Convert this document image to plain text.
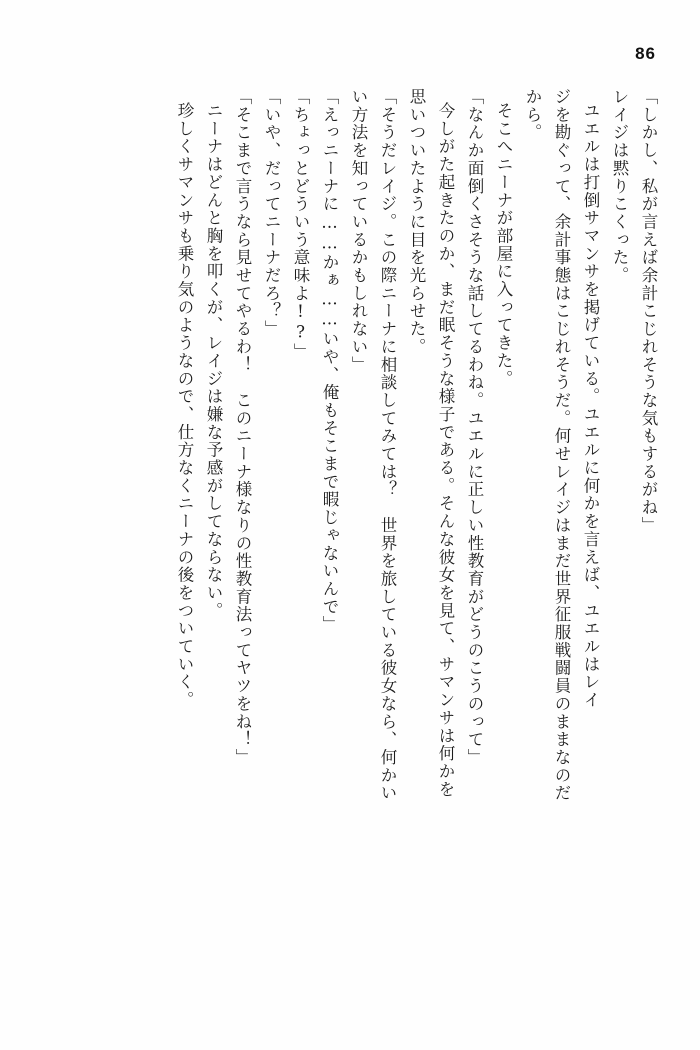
86
「しかし、私が言えば余計こじれそうな気もするがね」
レイジは黙りこくった。
ユエルは打倒サマンサを掲げている。ユエルに何かを言えば、ユエルはレイ
ジを勘ぐって、余計事態はこじれそうだ。何せレイジはまだ世界征服戦闘員のままなのだ
から。
そこへニーナが部屋に入ってきた。
「なんか面倒くさそうな話してるわね。ユエルに正しい性教育がどうのこうのって」
今しがた起きたのか、まだ眠そうな様子である。そんな彼女を見て、サマンサは何かを
思いついたように目を光らせた。
「そうだレイジ。この際ニーナに相談してみては？　世界を旅している彼女なら、何かい
い方法を知っているかもしれない」
「えっニーナに……かぁ……いや、俺もそこまで暇じゃないんで」
「ちょっとどういう意味よ!?」
「いや、だってニーナだろ？」
「そこまで言うなら見せてやるわ！　このニーナ様なりの性教育法ってヤツをね！」
ニーナはどんと胸を叩くが、レイジは嫌な予感がしてならない。
珍しくサマンサも乗り気のようなので、仕方なくニーナの後をついていく。
